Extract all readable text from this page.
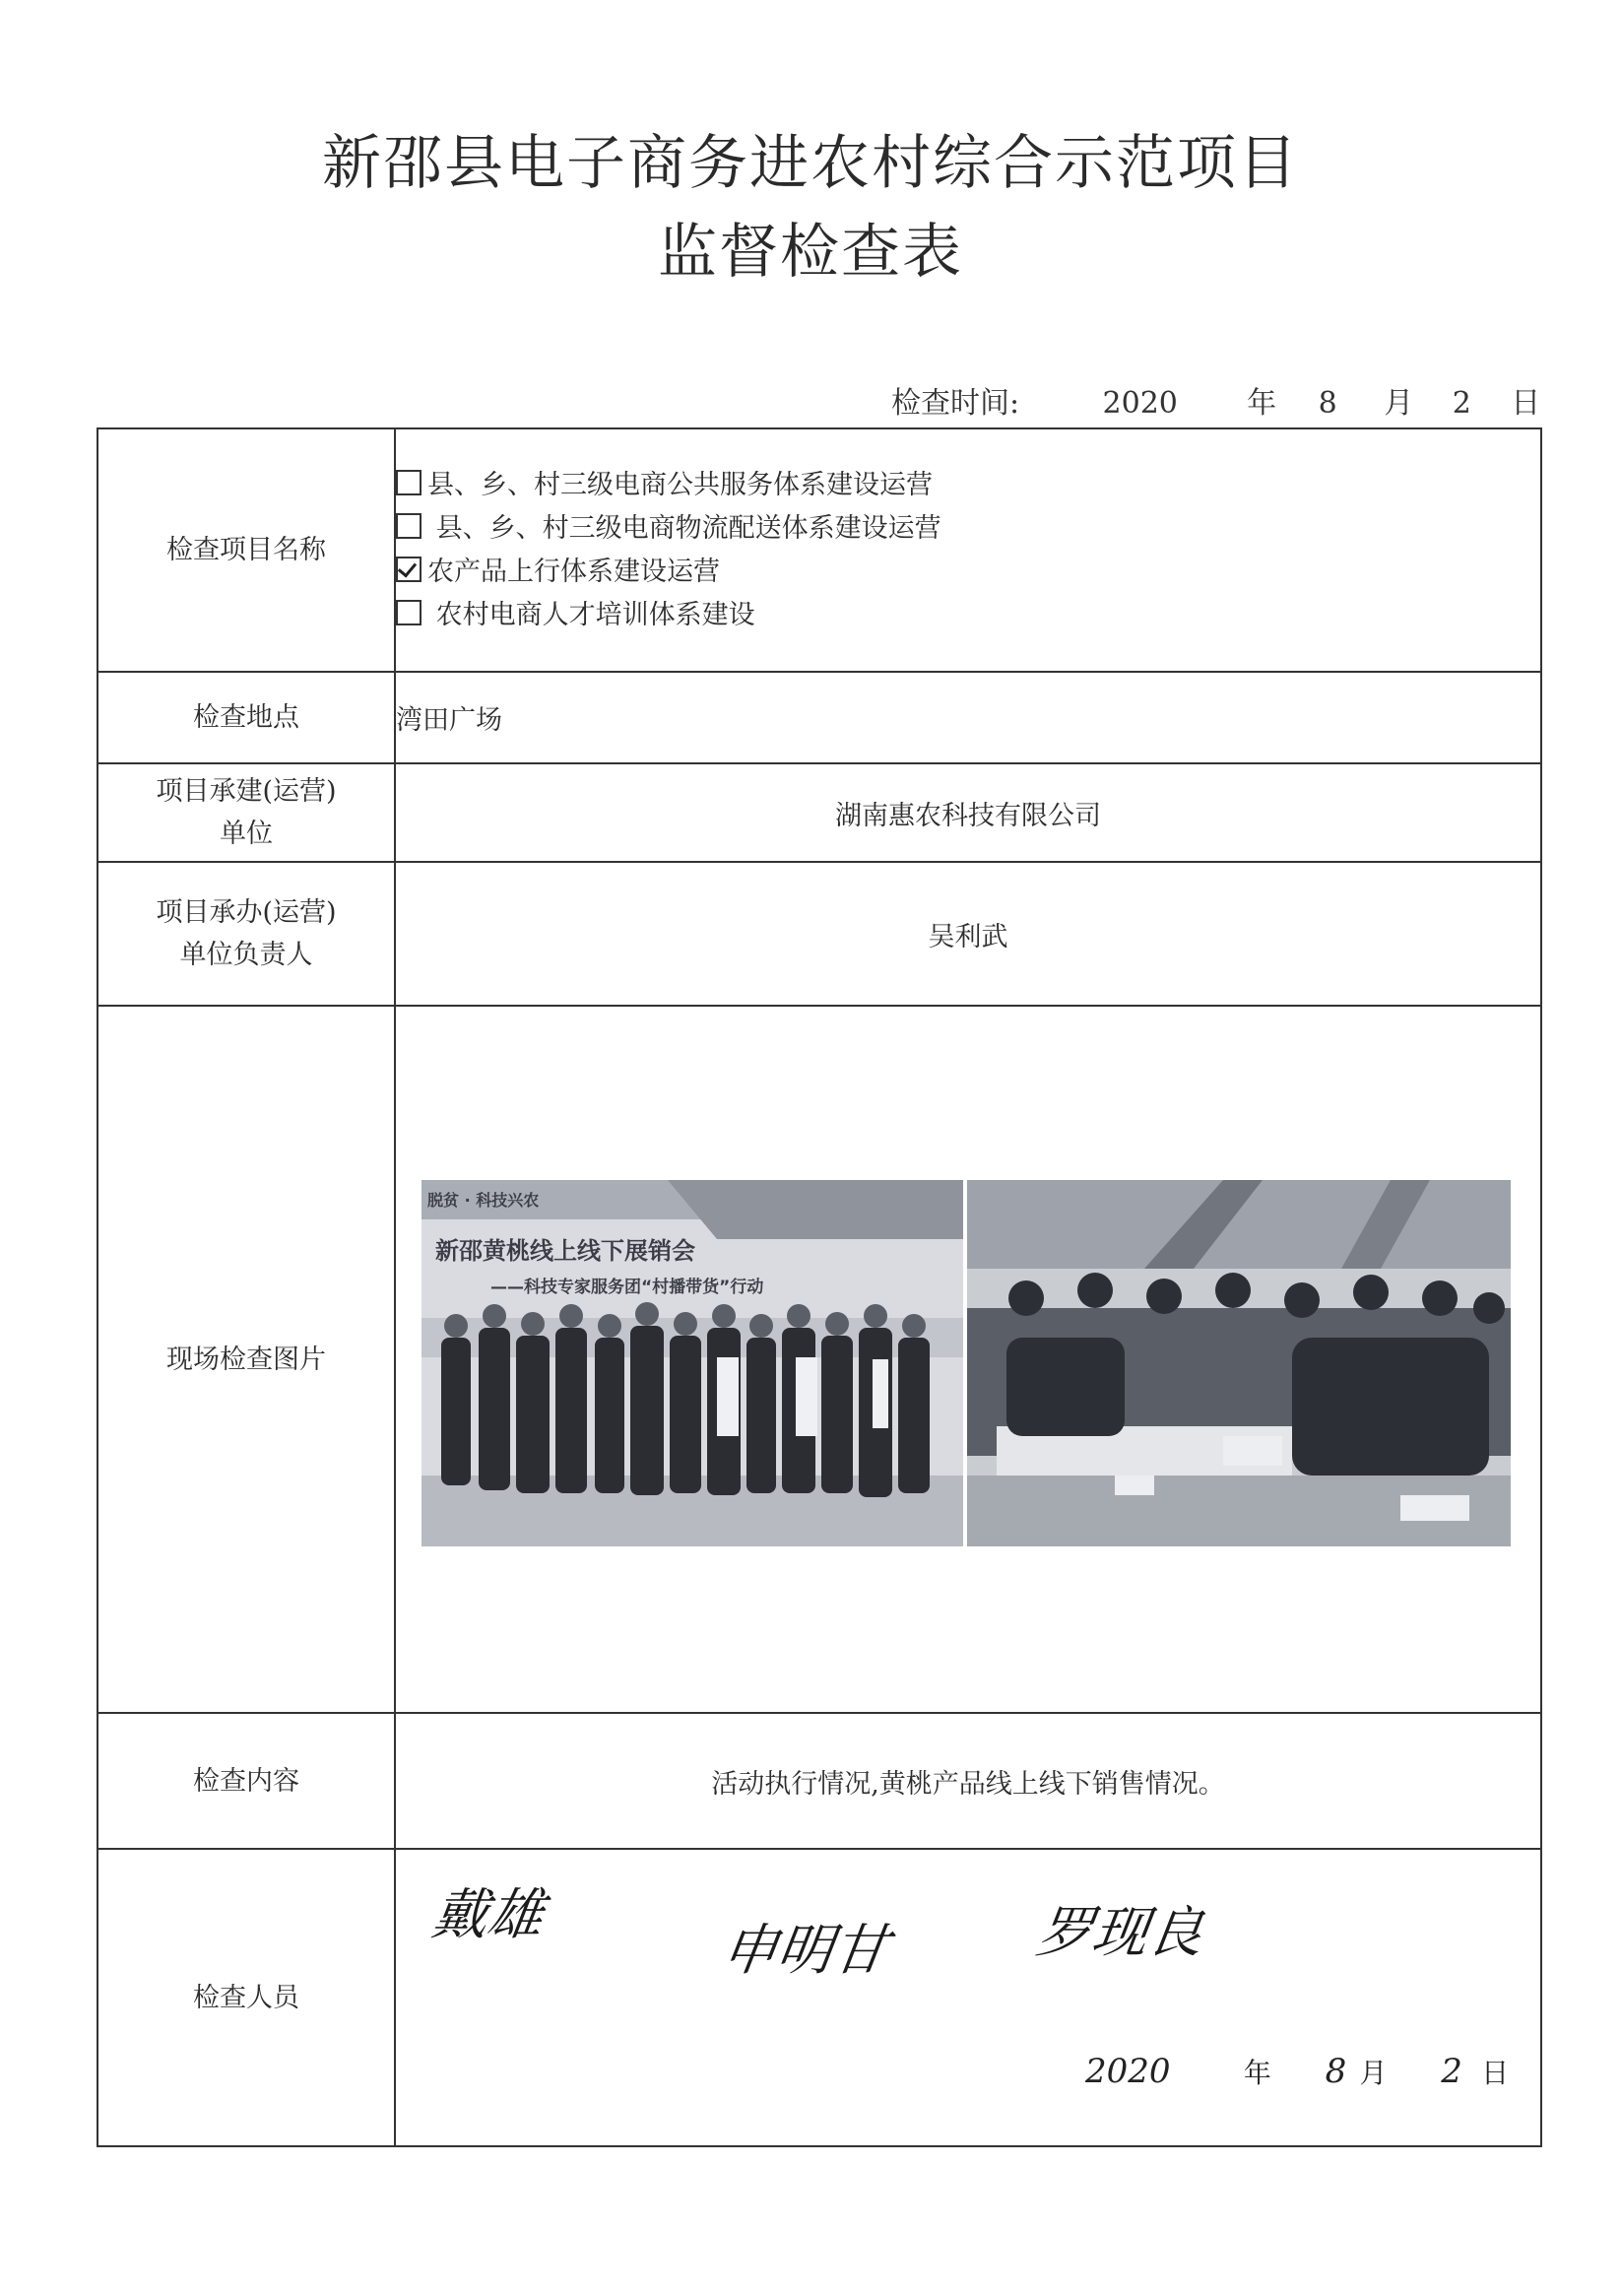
新邵县电子商务进农村综合示范项目
监督检查表
检查时间:	2020 年 8 月 2 日
检查项目名称	县、乡、村三级电商公共服务体系建设运营
县、乡、村三级电商物流配送体系建设运营
农产品上行体系建设运营
农村电商人才培训体系建设

检查地点	湾田广场

项目承建(运营)
单位	湖南惠农科技有限公司

项目承办(运营)
单位负责人	吴利武
现场检查图片	脱贫 · 科技兴农
新邵黄桃线上线下展销会
——科技专家服务团“村播带货”行动

检查内容	活动执行情况,黄桃产品线上线下销售情况。
检查人员	戴雄
申明甘 罗现良
2020 年 8 月 2 日
